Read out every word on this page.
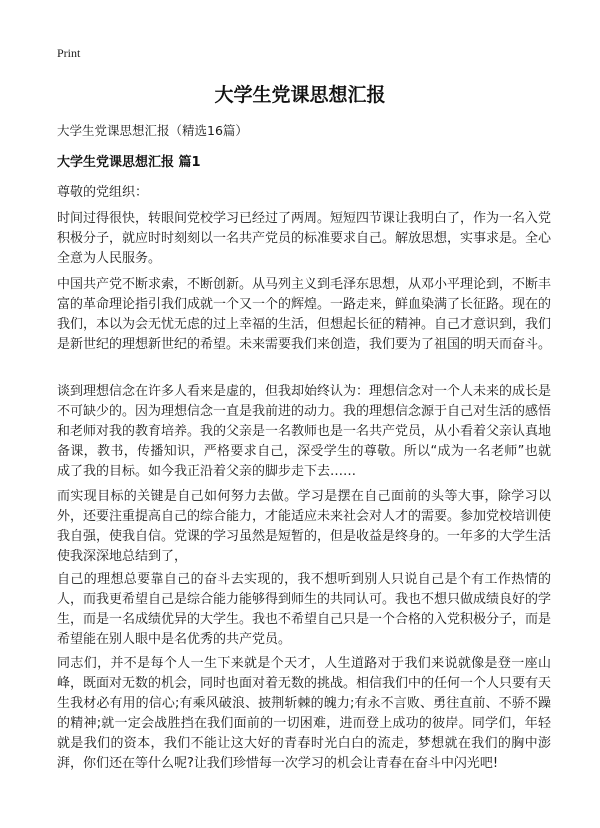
Print
大学生党课思想汇报
大学生党课思想汇报（精选16篇）
大学生党课思想汇报 篇1
尊敬的党组织：

时间过得很快，转眼间党校学习已经过了两周。短短四节课让我明白了，作为一名入党积极分子，就应时时刻刻以一名共产党员的标准要求自己。解放思想，实事求是。全心全意为人民服务。

中国共产党不断求索，不断创新。从马列主义到毛泽东思想，从邓小平理论到，不断丰富的革命理论指引我们成就一个又一个的辉煌。一路走来，鲜血染满了长征路。现在的我们，本以为会无忧无虑的过上幸福的生活，但想起长征的精神。自己才意识到，我们是新世纪的理想新世纪的希望。未来需要我们来创造，我们要为了祖国的明天而奋斗。

谈到理想信念在许多人看来是虚的，但我却始终认为：理想信念对一个人未来的成长是不可缺少的。因为理想信念一直是我前进的动力。我的理想信念源于自己对生活的感悟和老师对我的教育培养。我的父亲是一名教师也是一名共产党员，从小看着父亲认真地备课，教书，传播知识，严格要求自己，深受学生的尊敬。所以“成为一名老师”也就成了我的目标。如今我正沿着父亲的脚步走下去……

而实现目标的关键是自己如何努力去做。学习是摆在自己面前的头等大事，除学习以外，还要注重提高自己的综合能力，才能适应未来社会对人才的需要。参加党校培训使我自强，使我自信。党课的学习虽然是短暂的，但是收益是终身的。一年多的大学生活使我深深地总结到了，

自己的理想总要靠自己的奋斗去实现的，我不想听到别人只说自己是个有工作热情的人，而我更希望自己是综合能力能够得到师生的共同认可。我也不想只做成绩良好的学生，而是一名成绩优异的大学生。我也不希望自己只是一个合格的入党积极分子，而是希望能在别人眼中是名优秀的共产党员。

同志们，并不是每个人一生下来就是个天才，人生道路对于我们来说就像是登一座山峰，既面对无数的机会，同时也面对着无数的挑战。相信我们中的任何一个人只要有天生我材必有用的信心;有乘风破浪、披荆斩棘的魄力;有永不言败、勇往直前、不骄不躁的精神;就一定会战胜挡在我们面前的一切困难，进而登上成功的彼岸。同学们，年轻就是我们的资本，我们不能让这大好的青春时光白白的流走，梦想就在我们的胸中澎湃，你们还在等什么呢?让我们珍惜每一次学习的机会让青春在奋斗中闪光吧!
